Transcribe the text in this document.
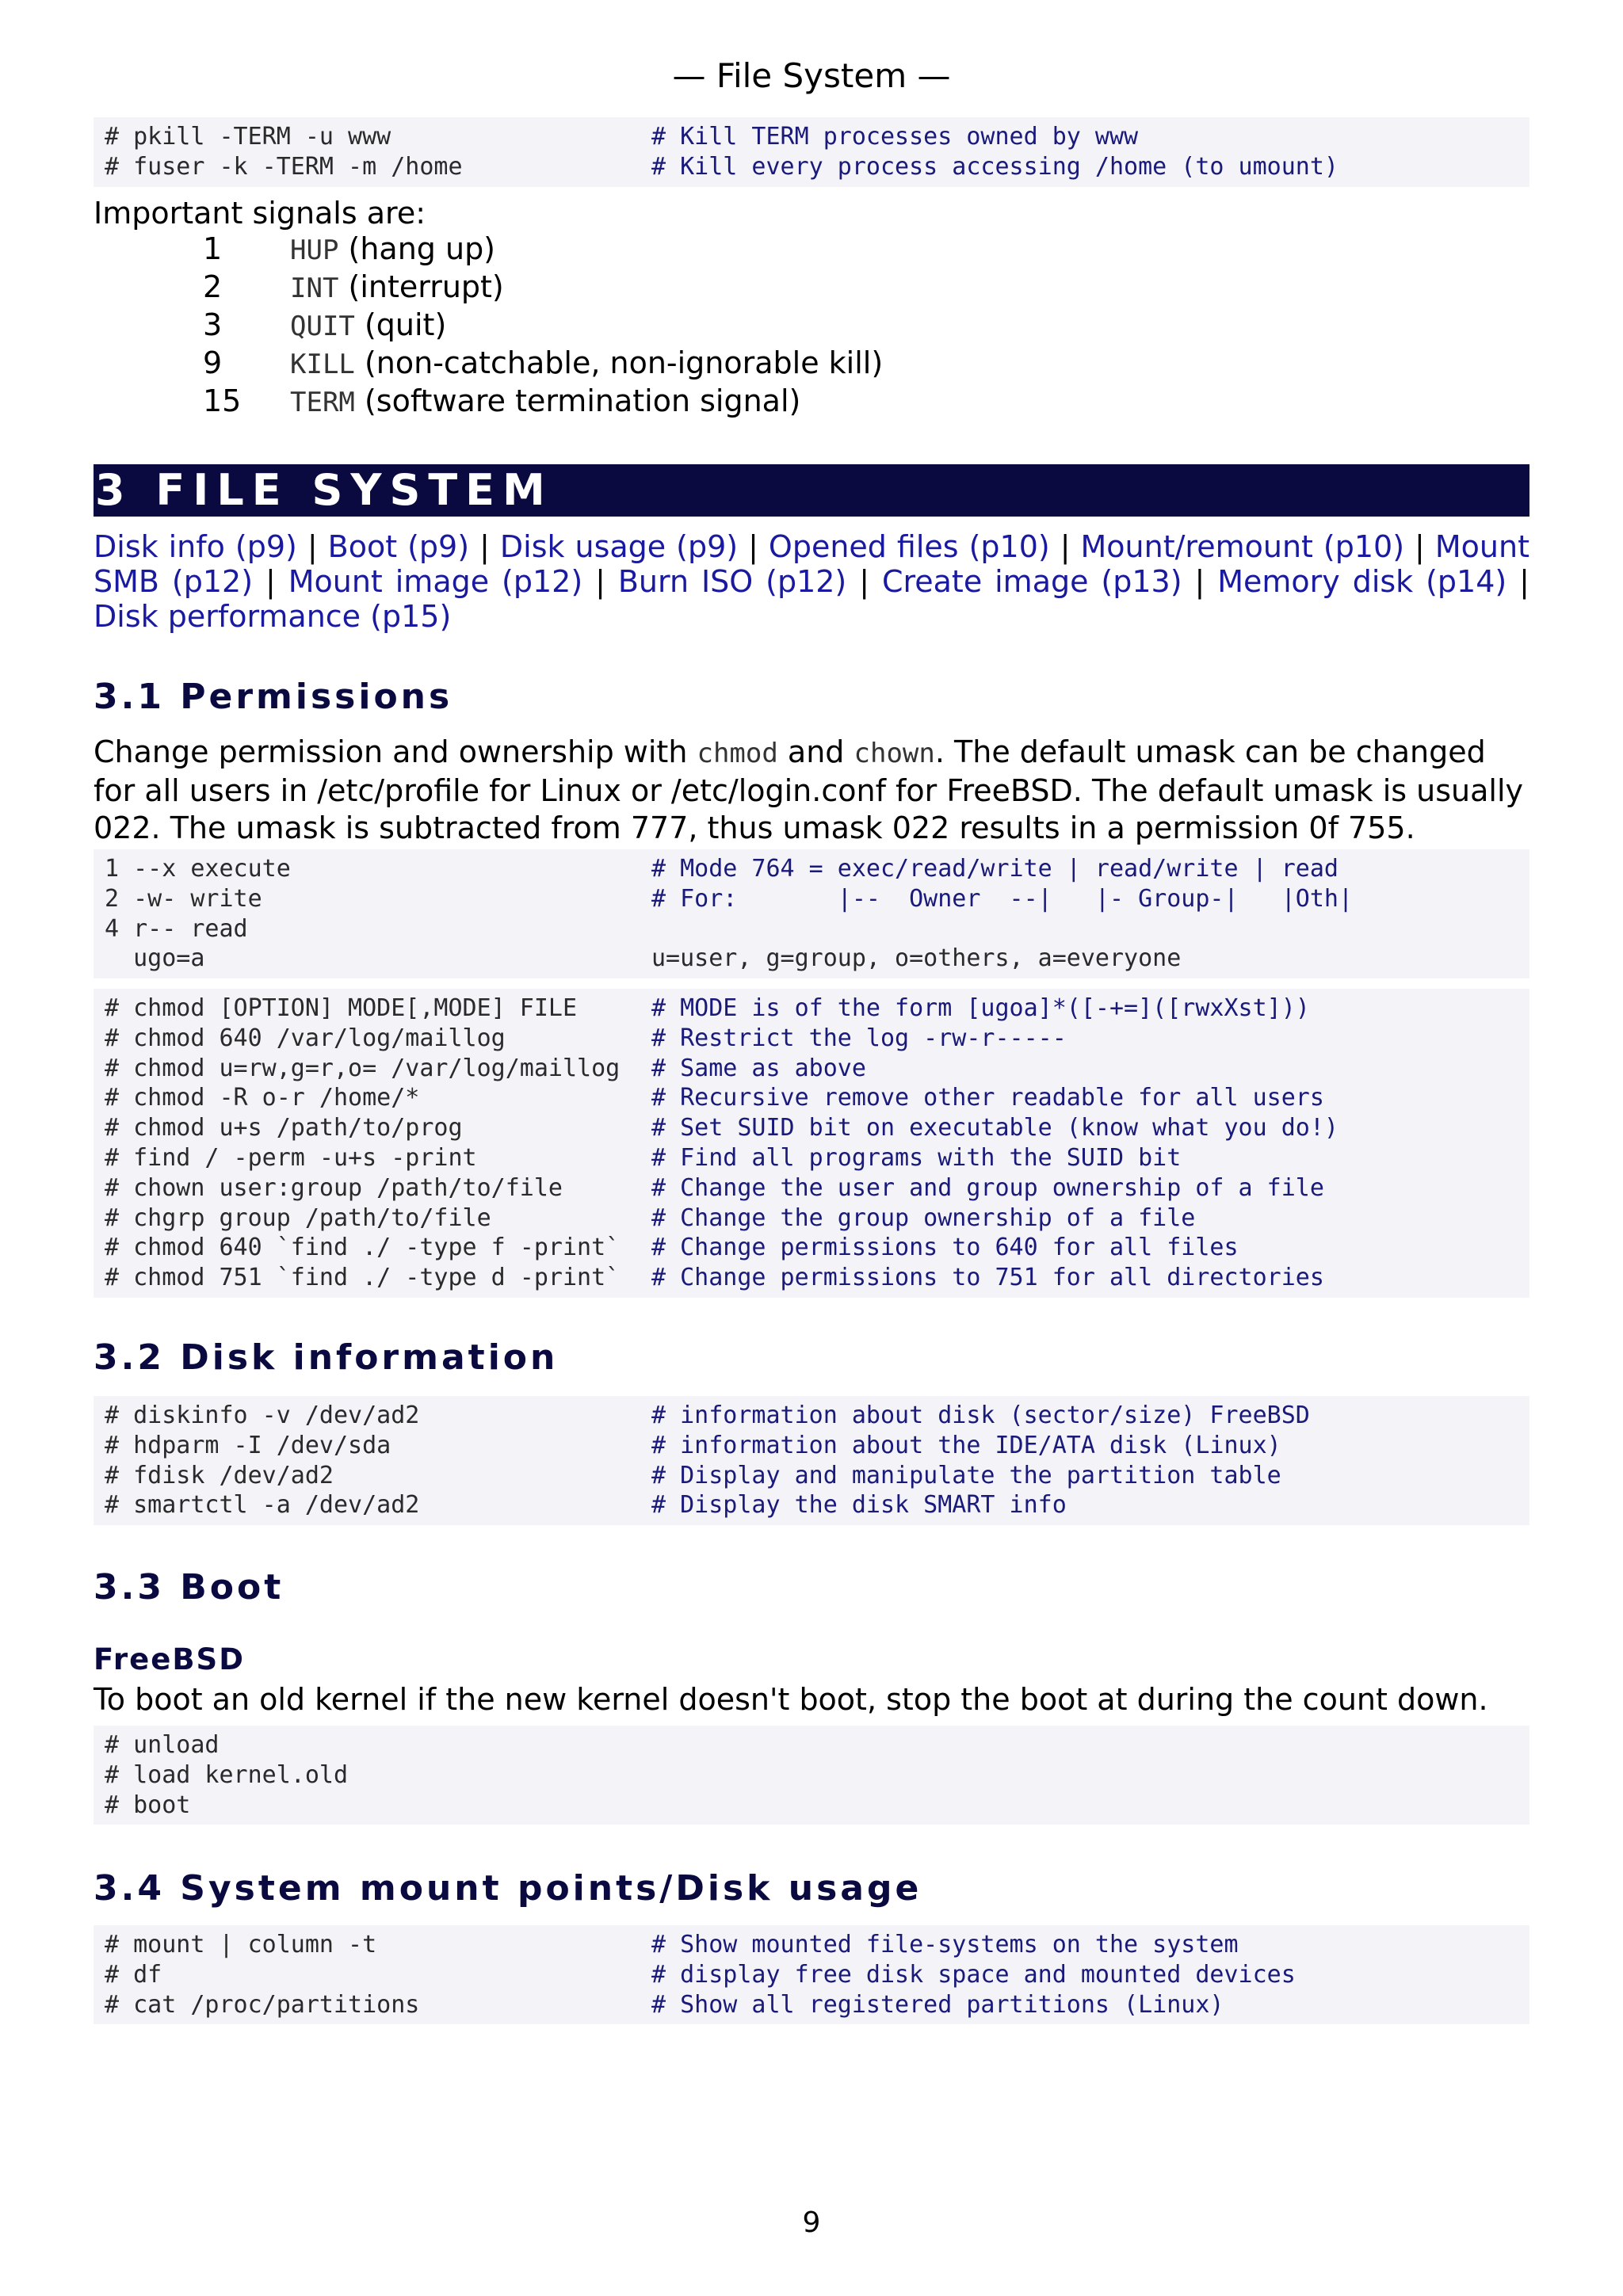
— File System —
# pkill -TERM -u www	# Kill TERM processes owned by www
# fuser -k -TERM -m /home	# Kill every process accessing /home (to umount)
Important signals are:
1	HUP (hang up)
2	INT (interrupt)
3	QUIT (quit)
9	KILL (non-catchable, non-ignorable kill)
15 TERM (software termination signal)
3 FILE SYSTEM
Disk info (p9) | Boot (p9) | Disk usage (p9) | Opened files (p10) | Mount/remount (p10) | Mount SMB (p12) | Mount image (p12) | Burn ISO (p12) | Create image (p13) | Memory disk (p14) | Disk performance (p15)
3.1 Permissions
Change permission and ownership with chmod and chown. The default umask can be changed for all users in /etc/profile for Linux or /etc/login.conf for FreeBSD. The default umask is usually 022. The umask is subtracted from 777, thus umask 022 results in a permission 0f 755.
1 --x execute	# Mode 764 = exec/read/write | read/write | read
2 -w- write	# For:       |--  Owner  --|   |- Group-|   |Oth|
4 r-- read
ugo=a	u=user, g=group, o=others, a=everyone
# chmod [OPTION] MODE[,MODE] FILE	# MODE is of the form [ugoa]*([-+=]([rwxXst]))
# chmod 640 /var/log/maillog	# Restrict the log -rw-r-----
# chmod u=rw,g=r,o= /var/log/maillog	# Same as above
# chmod -R o-r /home/*	# Recursive remove other readable for all users
# chmod u+s /path/to/prog	# Set SUID bit on executable (know what you do!)
# find / -perm -u+s -print	# Find all programs with the SUID bit
# chown user:group /path/to/file	# Change the user and group ownership of a file
# chgrp group /path/to/file	# Change the group ownership of a file
# chmod 640 `find ./ -type f -print`	# Change permissions to 640 for all files
# chmod 751 `find ./ -type d -print`	# Change permissions to 751 for all directories
3.2 Disk information
# diskinfo -v /dev/ad2	# information about disk (sector/size) FreeBSD
# hdparm -I /dev/sda	# information about the IDE/ATA disk (Linux)
# fdisk /dev/ad2	# Display and manipulate the partition table
# smartctl -a /dev/ad2	# Display the disk SMART info
3.3 Boot
FreeBSD
To boot an old kernel if the new kernel doesn't boot, stop the boot at during the count down.
# unload
# load kernel.old
# boot
3.4 System mount points/Disk usage
# mount | column -t	# Show mounted file-systems on the system
# df	# display free disk space and mounted devices
# cat /proc/partitions	# Show all registered partitions (Linux)
9
